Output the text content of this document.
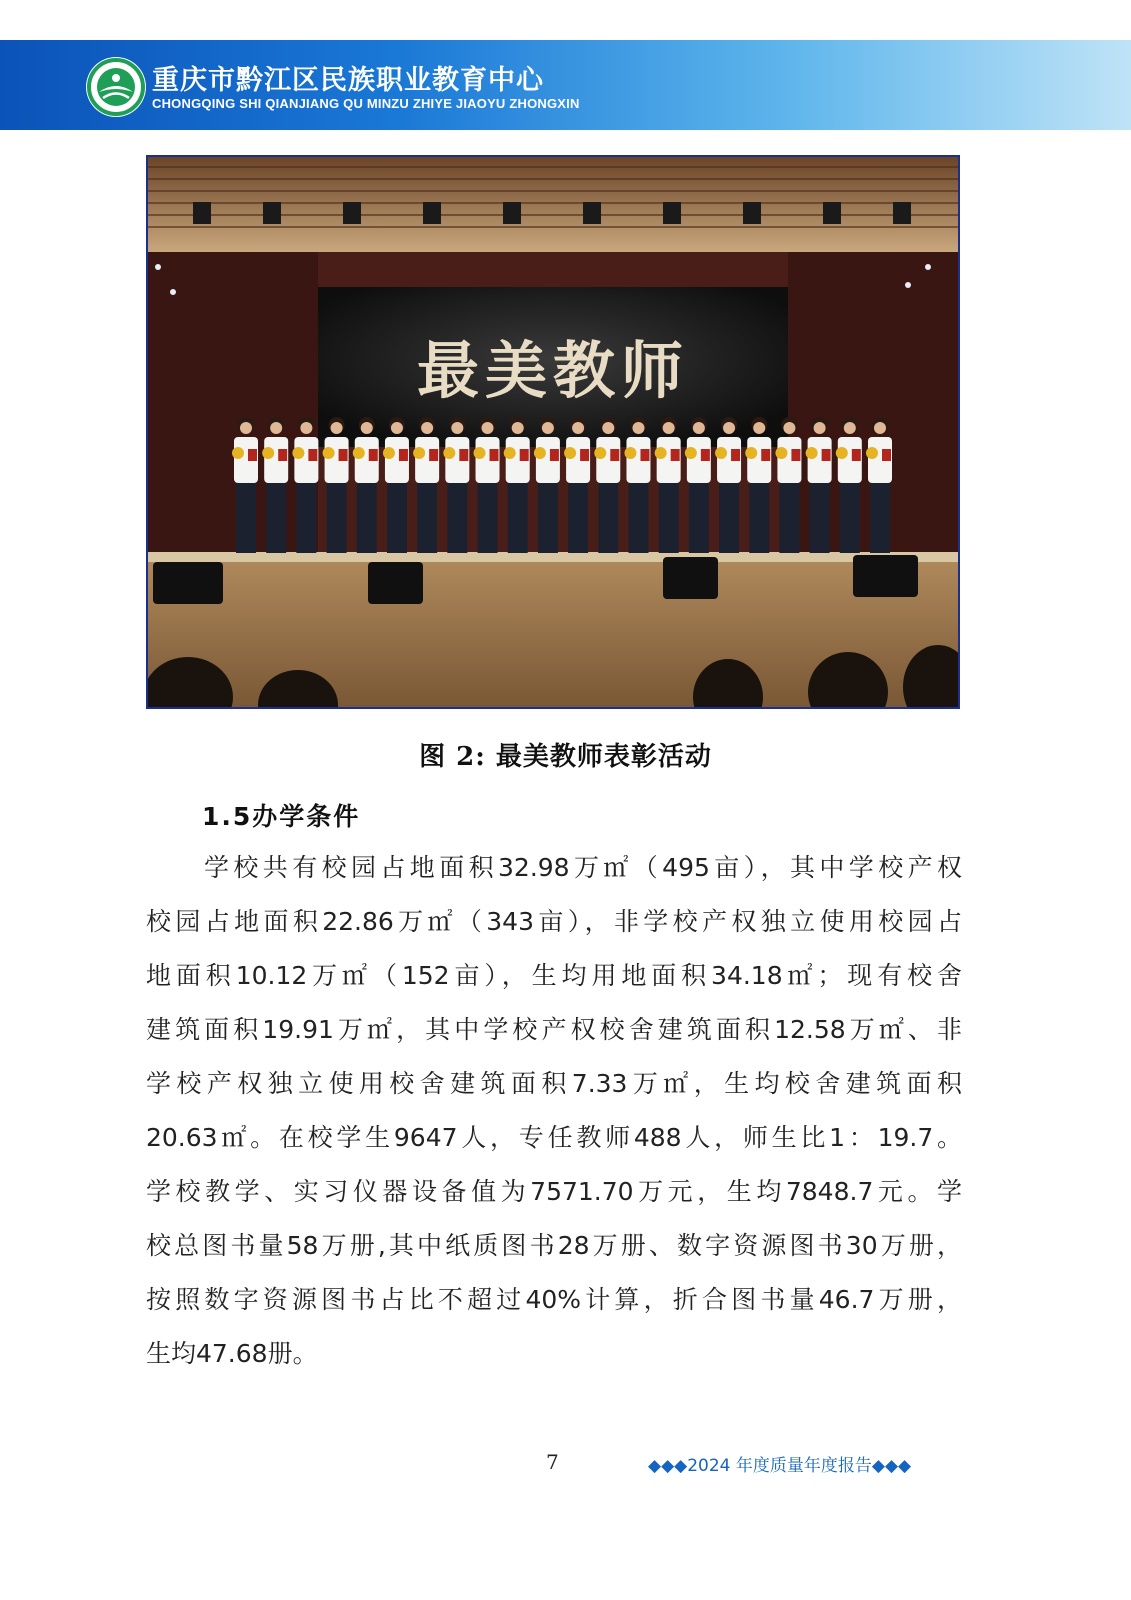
重庆市黔江区民族职业教育中心
CHONGQING SHI QIANJIANG QU MINZU ZHIYE JIAOYU ZHONGXIN
最美教师
图 2: 最美教师表彰活动
1.5办学条件
学校共有校园占地面积32.98万㎡（495亩），其中学校产权
校园占地面积22.86万㎡（343亩），非学校产权独立使用校园占
地面积10.12万㎡（152亩），生均用地面积34.18㎡；现有校舍
建筑面积19.91万㎡，其中学校产权校舍建筑面积12.58万㎡、非
学校产权独立使用校舍建筑面积7.33万㎡，生均校舍建筑面积
20.63㎡。在校学生9647人，专任教师488人，师生比1：19.7。
学校教学、实习仪器设备值为7571.70万元，生均7848.7元。学
校总图书量58万册,其中纸质图书28万册、数字资源图书30万册，
按照数字资源图书占比不超过40%计算，折合图书量46.7万册，
生均47.68册。
7	◆◆◆2024 年度质量年度报告◆◆◆
